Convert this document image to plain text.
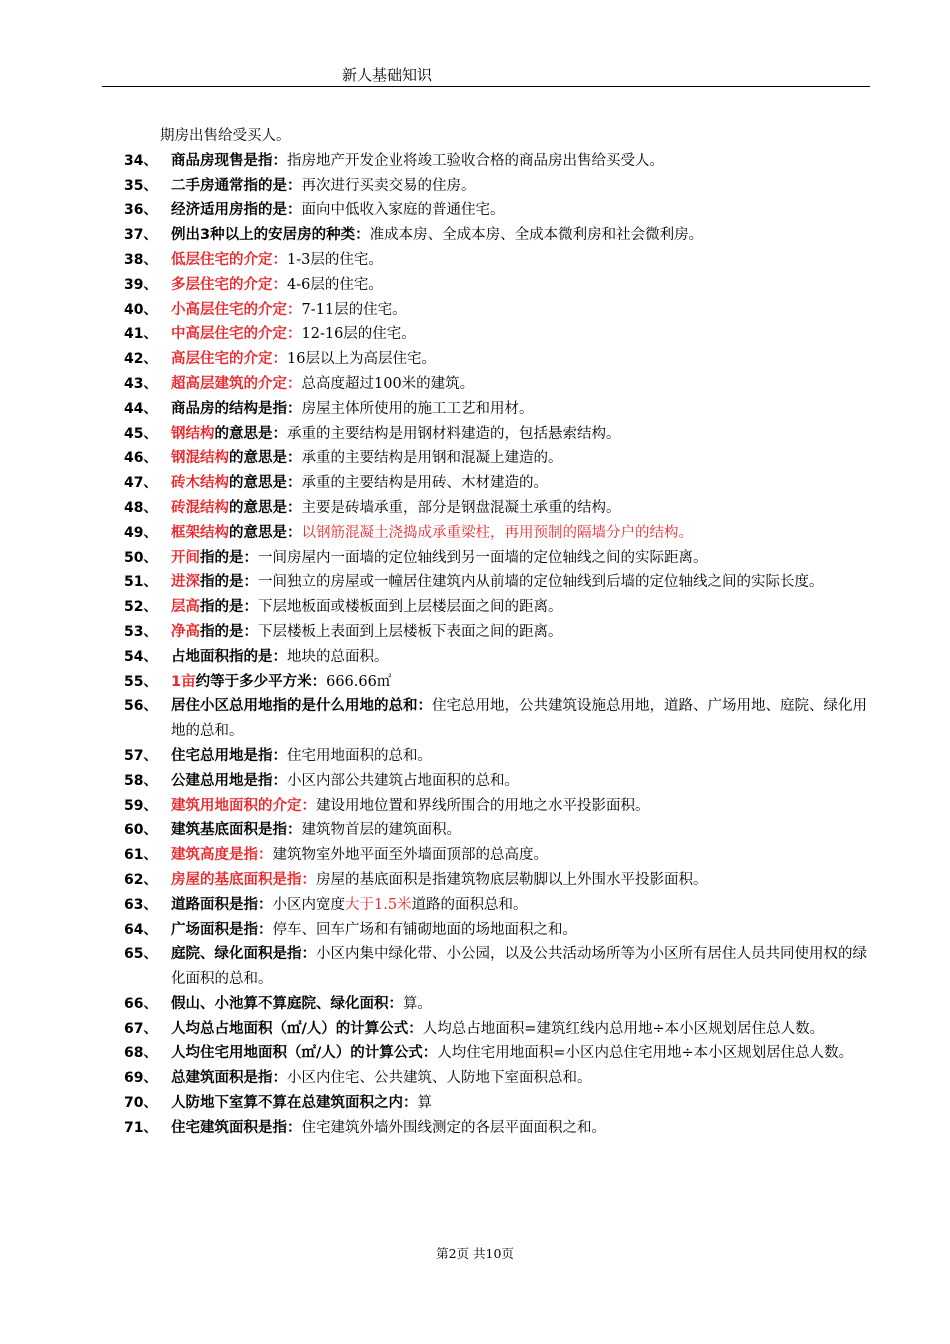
新人基础知识
期房出售给受买人。
34、 商品房现售是指：指房地产开发企业将竣工验收合格的商品房出售给买受人。
35、 二手房通常指的是：再次进行买卖交易的住房。
36、 经济适用房指的是：面向中低收入家庭的普通住宅。
37、 例出3种以上的安居房的种类：准成本房、全成本房、全成本微利房和社会微利房。
38、 低层住宅的介定：1-3层的住宅。
39、 多层住宅的介定：4-6层的住宅。
40、 小高层住宅的介定：7-11层的住宅。
41、 中高层住宅的介定：12-16层的住宅。
42、 高层住宅的介定：16层以上为高层住宅。
43、 超高层建筑的介定：总高度超过100米的建筑。
44、 商品房的结构是指：房屋主体所使用的施工工艺和用材。
45、 钢结构的意思是：承重的主要结构是用钢材料建造的，包括悬索结构。
46、 钢混结构的意思是：承重的主要结构是用钢和混凝上建造的。
47、 砖木结构的意思是：承重的主要结构是用砖、木材建造的。
48、 砖混结构的意思是：主要是砖墙承重，部分是钢盘混凝土承重的结构。
49、 框架结构的意思是：以钢筋混凝土浇捣成承重梁柱，再用预制的隔墙分户的结构。
50、 开间指的是：一间房屋内一面墙的定位轴线到另一面墙的定位轴线之间的实际距离。
51、 进深指的是：一间独立的房屋或一幢居住建筑内从前墙的定位轴线到后墙的定位轴线之间的实际长度。
52、 层高指的是：下层地板面或楼板面到上层楼层面之间的距离。
53、 净高指的是：下层楼板上表面到上层楼板下表面之间的距离。
54、 占地面积指的是：地块的总面积。
55、 1亩约等于多少平方米：666.66㎡
56、 居住小区总用地指的是什么用地的总和：住宅总用地，公共建筑设施总用地，道路、广场用地、庭院、绿化用地的总和。
57、 住宅总用地是指：住宅用地面积的总和。
58、 公建总用地是指：小区内部公共建筑占地面积的总和。
59、 建筑用地面积的介定：建设用地位置和界线所围合的用地之水平投影面积。
60、 建筑基底面积是指：建筑物首层的建筑面积。
61、 建筑高度是指：建筑物室外地平面至外墙面顶部的总高度。
62、 房屋的基底面积是指：房屋的基底面积是指建筑物底层勒脚以上外围水平投影面积。
63、 道路面积是指：小区内宽度大于1.5米道路的面积总和。
64、 广场面积是指：停车、回车广场和有铺砌地面的场地面积之和。
65、 庭院、绿化面积是指：小区内集中绿化带、小公园，以及公共活动场所等为小区所有居住人员共同使用权的绿化面积的总和。
66、 假山、小池算不算庭院、绿化面积：算。
67、 人均总占地面积（㎡/人）的计算公式：人均总占地面积=建筑红线内总用地÷本小区规划居住总人数。
68、 人均住宅用地面积（㎡/人）的计算公式：人均住宅用地面积=小区内总住宅用地÷本小区规划居住总人数。
69、 总建筑面积是指：小区内住宅、公共建筑、人防地下室面积总和。
70、 人防地下室算不算在总建筑面积之内：算
71、 住宅建筑面积是指：住宅建筑外墙外围线测定的各层平面面积之和。
第2页 共10页
